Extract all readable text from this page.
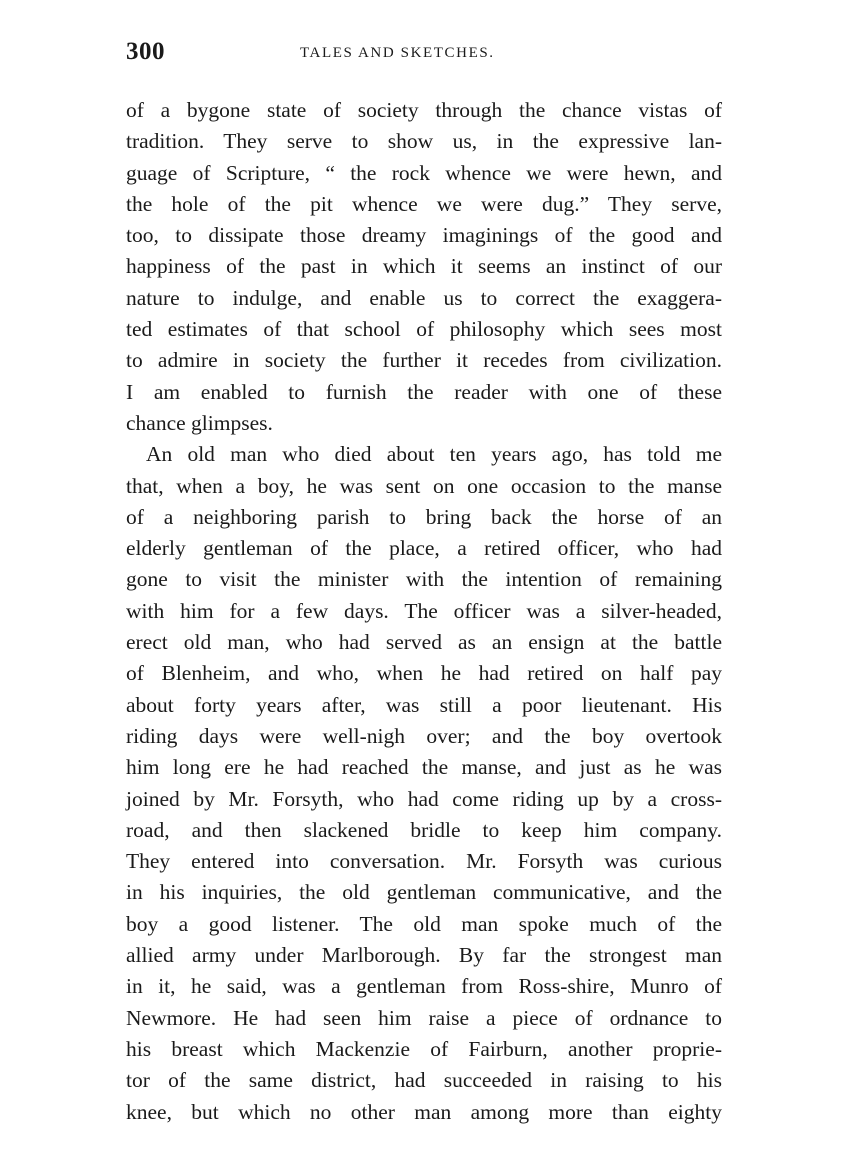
300	TALES AND SKETCHES.
of a bygone state of society through the chance vistas of
tradition. They serve to show us, in the expressive lan-
guage of Scripture, “ the rock whence we were hewn, and
the hole of the pit whence we were dug.” They serve,
too, to dissipate those dreamy imaginings of the good and
happiness of the past in which it seems an instinct of our
nature to indulge, and enable us to correct the exaggera-
ted estimates of that school of philosophy which sees most
to admire in society the further it recedes from civilization.
I am enabled to furnish the reader with one of these
chance glimpses.
An old man who died about ten years ago, has told me
that, when a boy, he was sent on one occasion to the manse
of a neighboring parish to bring back the horse of an
elderly gentleman of the place, a retired officer, who had
gone to visit the minister with the intention of remaining
with him for a few days. The officer was a silver-headed,
erect old man, who had served as an ensign at the battle
of Blenheim, and who, when he had retired on half pay
about forty years after, was still a poor lieutenant. His
riding days were well-nigh over; and the boy overtook
him long ere he had reached the manse, and just as he was
joined by Mr. Forsyth, who had come riding up by a cross-
road, and then slackened bridle to keep him company.
They entered into conversation. Mr. Forsyth was curious
in his inquiries, the old gentleman communicative, and the
boy a good listener. The old man spoke much of the
allied army under Marlborough. By far the strongest man
in it, he said, was a gentleman from Ross-shire, Munro of
Newmore. He had seen him raise a piece of ordnance to
his breast which Mackenzie of Fairburn, another proprie-
tor of the same district, had succeeded in raising to his
knee, but which no other man among more than eighty
